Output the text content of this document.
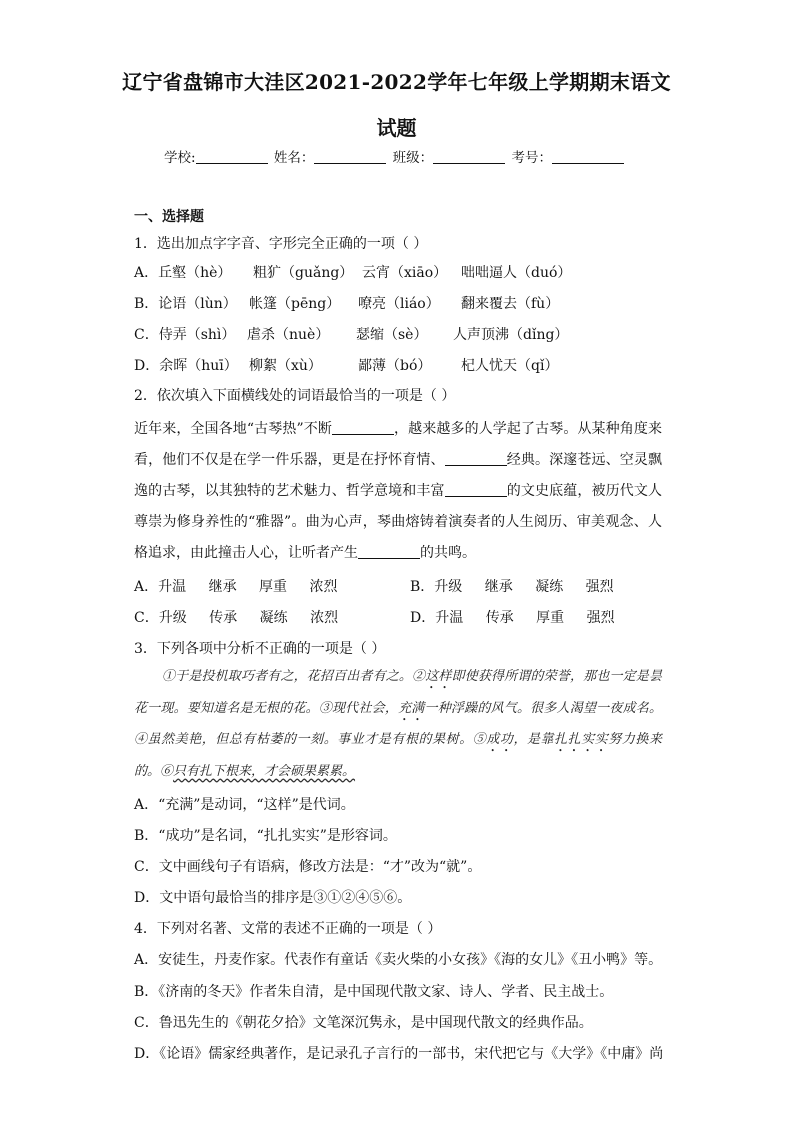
辽宁省盘锦市大洼区2021-2022学年七年级上学期期末语文
试题
学校:	姓名：	班级：	考号：
一、选择题
1．选出加点字字音、字形完全正确的一项（ ）
A．丘壑（hè） 粗犷（guǎng） 云宵（xiāo） 咄咄逼人（duó）
B．论语（lùn） 帐篷（pēng） 嘹亮（liáo） 翻来覆去（fù）
C．侍弄（shì） 虐杀（nuè） 瑟缩（sè） 人声顶沸（dǐng）
D．余晖（huī） 柳絮（xù）	鄙薄（bó） 杞人忧天（qǐ）
2．依次填入下面横线处的词语最恰当的一项是（ ）
近年来，全国各地“古琴热”不断	，越来越多的人学起了古琴。从某种角度来看，他们不仅是在学一件乐器，更是在抒怀育情、	经典。深邃苍远、空灵飘逸的古琴，以其独特的艺术魅力、哲学意境和丰富	的文史底蕴，被历代文人尊崇为修身养性的“雅器”。曲为心声，琴曲熔铸着演奏者的人生阅历、审美观念、人格追求，由此撞击人心，让听者产生	的共鸣。
A．升温 继承 厚重 浓烈	B．升级 继承 凝练 强烈
C．升级 传承 凝练 浓烈	D．升温 传承 厚重 强烈
3．下列各项中分析不正确的一项是（ ）
①于是投机取巧者有之，花招百出者有之。②这样即使获得所谓的荣誉，那也一定是昙花一现。要知道名是无根的花。③现代社会，充满一种浮躁的风气。很多人渴望一夜成名。④虽然美艳，但总有枯萎的一刻。事业才是有根的果树。⑤成功，是靠扎扎实实努力换来的。⑥只有扎下根来，才会硕果累累。
A．“充满”是动词，“这样”是代词。
B．“成功”是名词，“扎扎实实”是形容词。
C．文中画线句子有语病，修改方法是：“才”改为“就”。
D．文中语句最恰当的排序是③①②④⑤⑥。
4．下列对名著、文常的表述不正确的一项是（ ）
A．安徒生，丹麦作家。代表作有童话《卖火柴的小女孩》《海的女儿》《丑小鸭》等。
B．《济南的冬天》作者朱自清，是中国现代散文家、诗人、学者、民主战士。
C．鲁迅先生的《朝花夕拾》文笔深沉隽永，是中国现代散文的经典作品。
D．《论语》儒家经典著作，是记录孔子言行的一部书，宋代把它与《大学》《中庸》尚
